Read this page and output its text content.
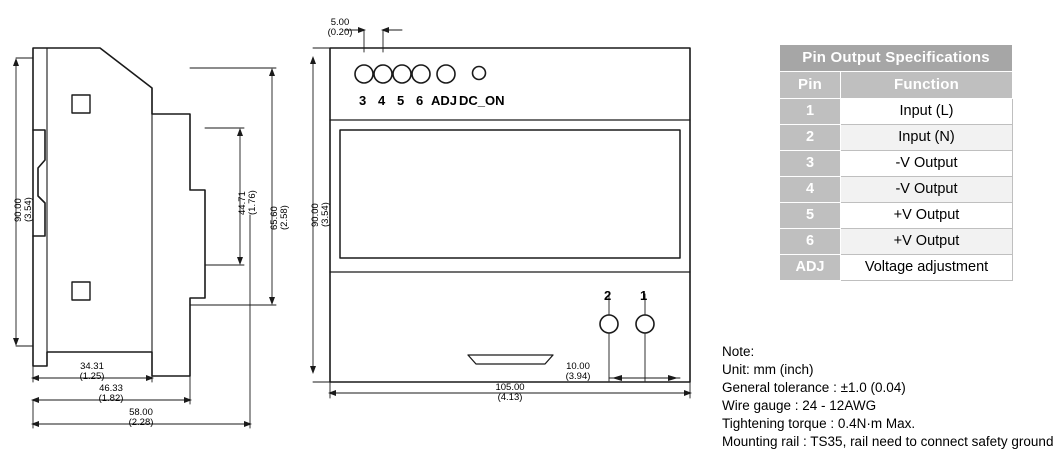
90.00
(3.54)	44.71
(1.76)
65.60
(2.58)
34.31
(1.25)
46.33
(1.82)
58.00
(2.28)
5.00
(0.20)
90.00
(3.54)
105.00
(4.13)
10.00
(3.94)
3 4 5 6 ADJ DC_ON
2 1
Pin Output Specifications	
Pin	Function
1	Input (L)
2	Input (N)
3	-V Output
4	-V Output
5	+V Output
6	+V Output
ADJ	Voltage adjustment
Note:
Unit: mm (inch)
General tolerance : ±1.0 (0.04)
Wire gauge : 24 - 12AWG
Tightening torque : 0.4N·m Max.
Mounting rail : TS35, rail need to connect safety ground
